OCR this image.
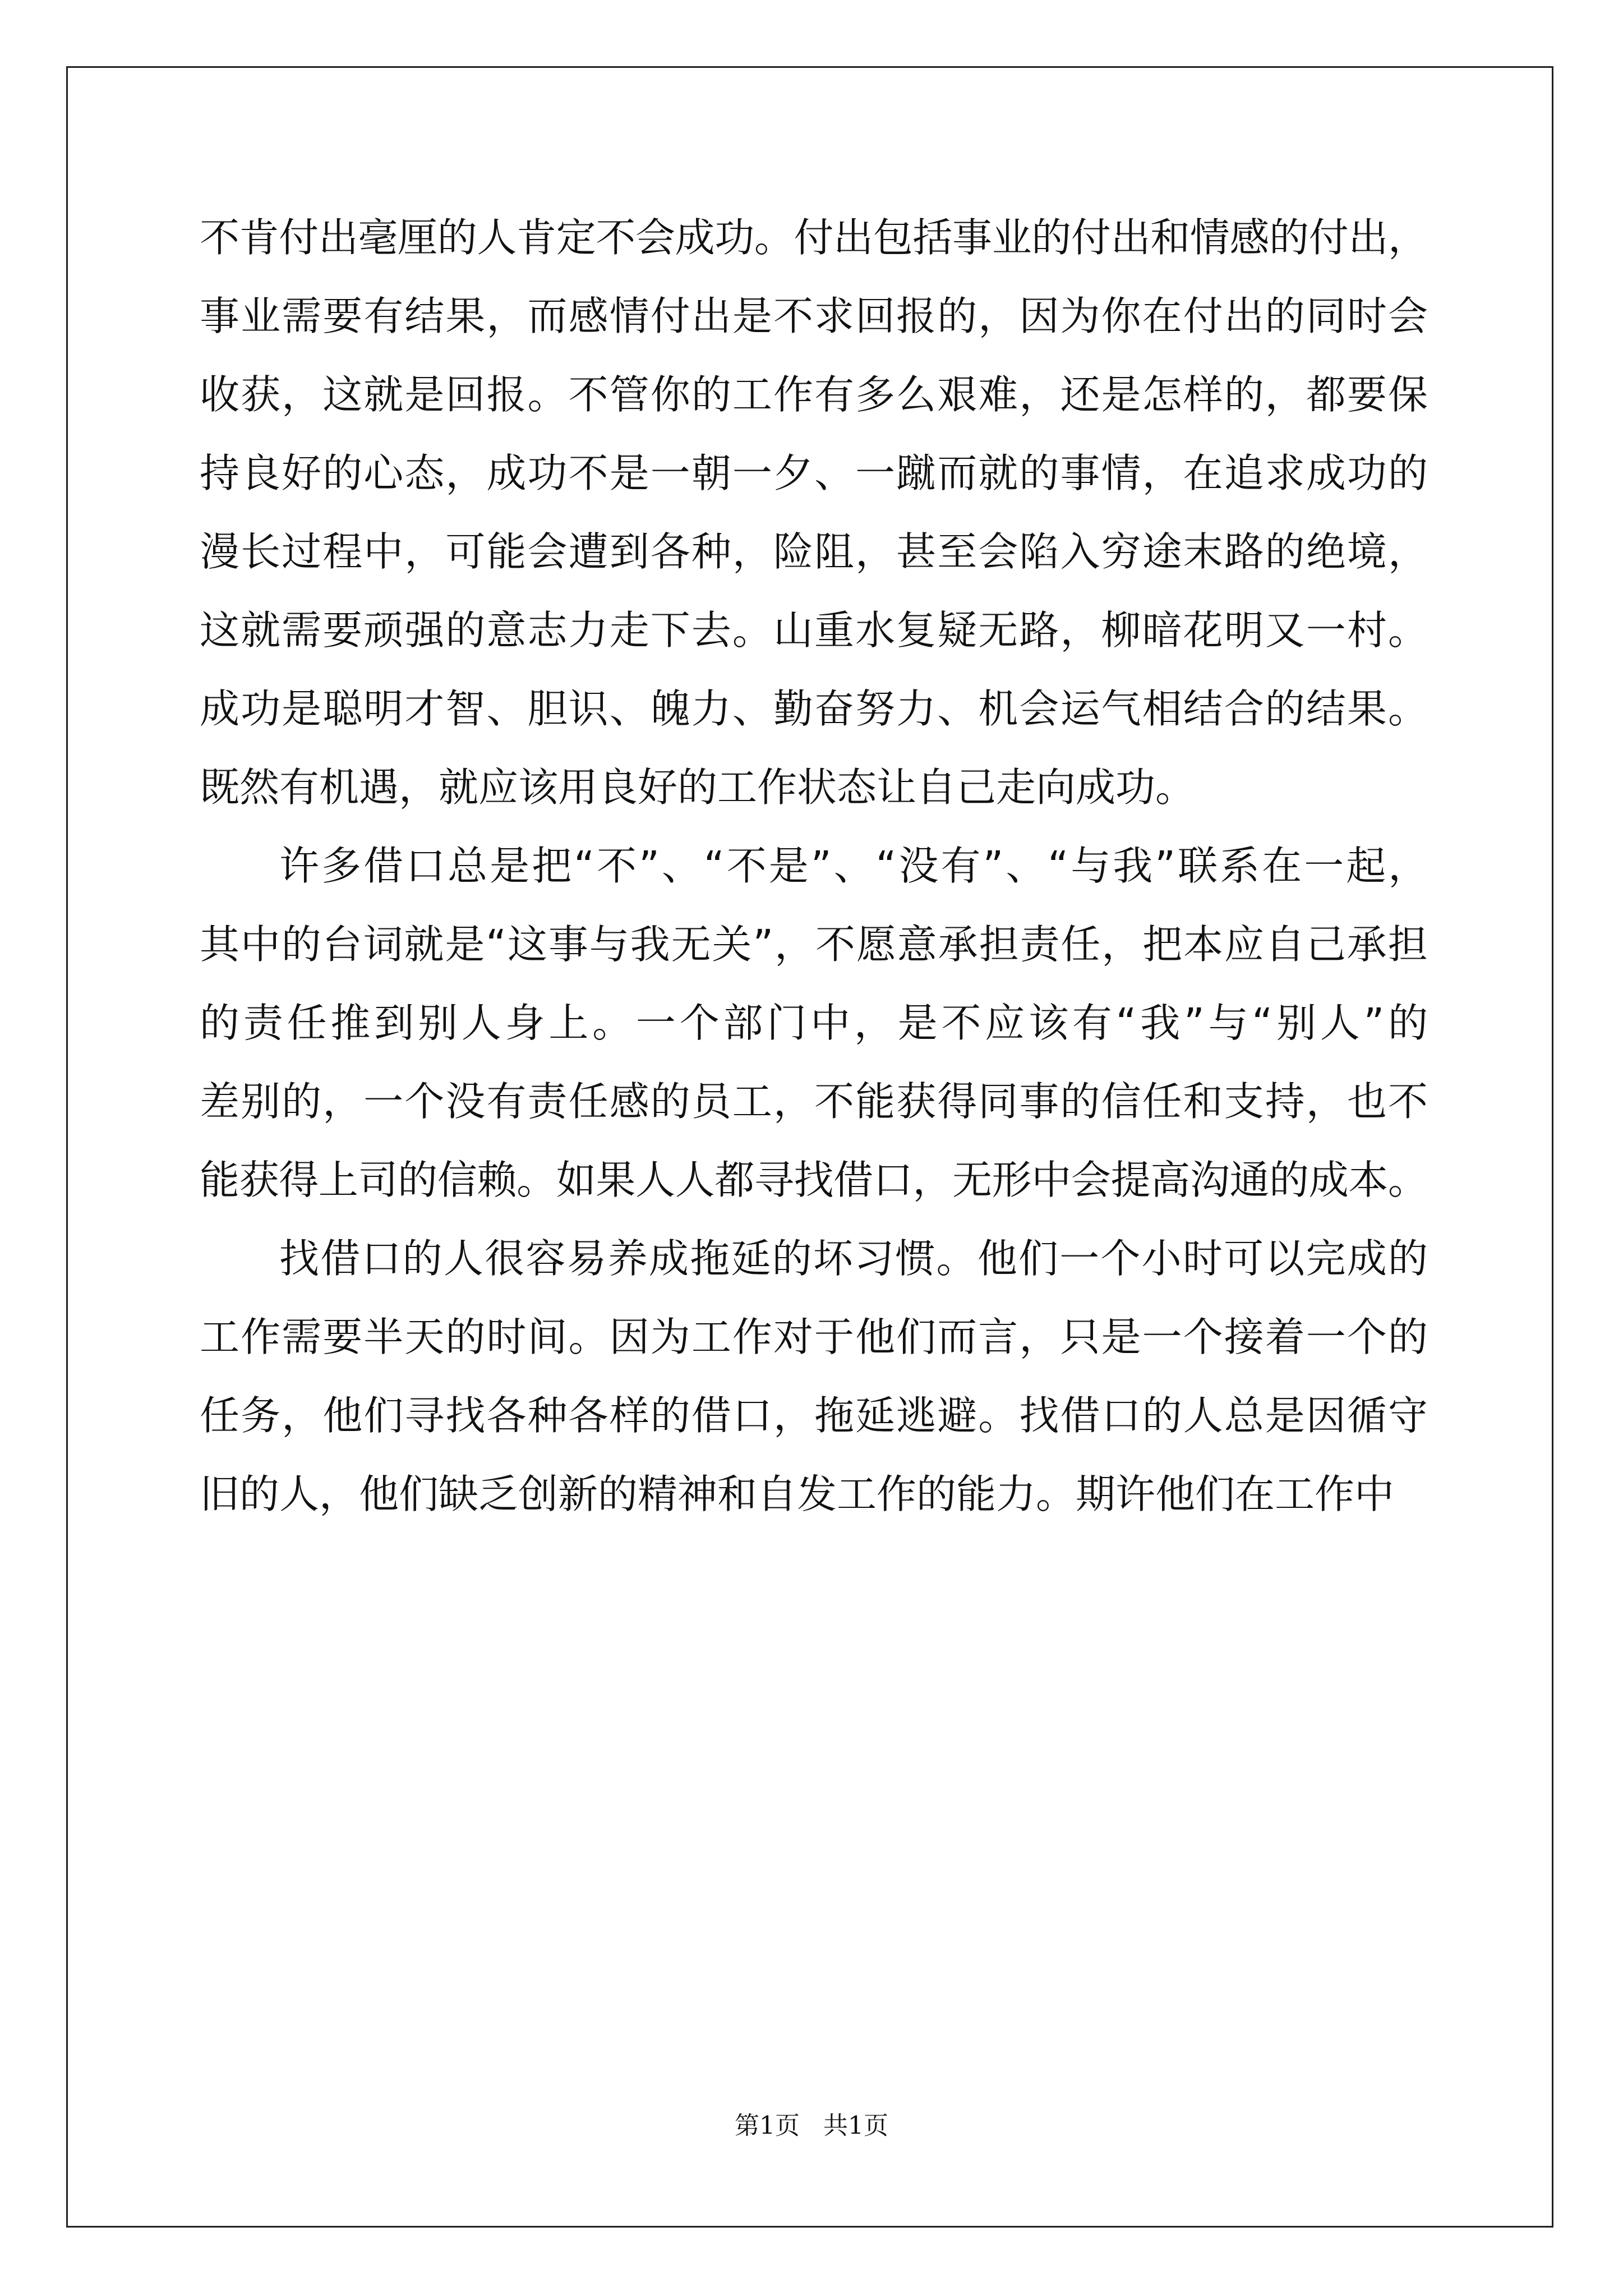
不肯付出毫厘的人肯定不会成功。付出包括事业的付出和情感的付出，
事业需要有结果，而感情付出是不求回报的，因为你在付出的同时会
收获，这就是回报。不管你的工作有多么艰难，还是怎样的，都要保
持良好的心态，成功不是一朝一夕、一蹴而就的事情，在追求成功的
漫长过程中，可能会遭到各种，险阻，甚至会陷入穷途末路的绝境，
这就需要顽强的意志力走下去。山重水复疑无路，柳暗花明又一村。
成功是聪明才智、胆识、魄力、勤奋努力、机会运气相结合的结果。
既然有机遇，就应该用良好的工作状态让自己走向成功。

许多借口总是把“不”、“不是”、“没有”、“与我”联系在一起，
其中的台词就是“这事与我无关”，不愿意承担责任，把本应自己承担
的责任推到别人身上。一个部门中，是不应该有“我”与“别人”的
差别的，一个没有责任感的员工，不能获得同事的信任和支持，也不
能获得上司的信赖。如果人人都寻找借口，无形中会提高沟通的成本。

找借口的人很容易养成拖延的坏习惯。他们一个小时可以完成的
工作需要半天的时间。因为工作对于他们而言，只是一个接着一个的
任务，他们寻找各种各样的借口，拖延逃避。找借口的人总是因循守
旧的人，他们缺乏创新的精神和自发工作的能力。期许他们在工作中

第1页   共1页
